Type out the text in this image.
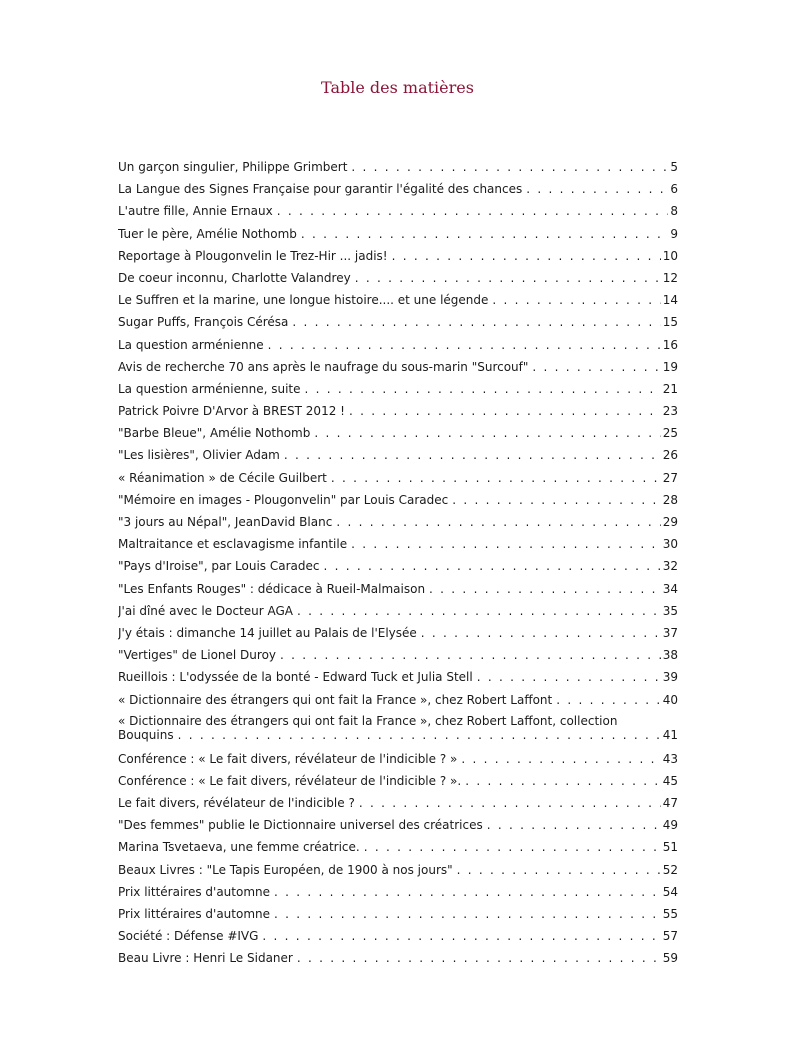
Table des matières
Un garçon singulier, Philippe Grimbert . . .	5
La Langue des Signes Française pour garantir l'égalité des chances . . .	6
L'autre fille, Annie Ernaux . . .	8
Tuer le père, Amélie Nothomb . . .	9
Reportage à Plougonvelin le Trez-Hir ... jadis! . . .	10
De coeur inconnu, Charlotte Valandrey . . .	12
Le Suffren et la marine, une longue histoire.... et une légende . . .	14
Sugar Puffs, François Cérésa . . .	15
La question arménienne . . .	16
Avis de recherche 70 ans après le naufrage du sous-marin "Surcouf" . . .	19
La question arménienne, suite . . .	21
Patrick Poivre D'Arvor à BREST 2012 ! . . .	23
"Barbe Bleue", Amélie Nothomb . . .	25
"Les lisières", Olivier Adam . . .	26
« Réanimation » de Cécile Guilbert . . .	27
"Mémoire en images - Plougonvelin" par Louis Caradec . . .	28
"3 jours au Népal", JeanDavid Blanc . . .	29
Maltraitance et esclavagisme infantile . . .	30
"Pays d'Iroise", par Louis Caradec . . .	32
"Les Enfants Rouges" : dédicace à Rueil-Malmaison . . .	34
J'ai dîné avec le Docteur AGA . . .	35
J'y étais : dimanche 14 juillet au Palais de l'Elysée . . .	37
"Vertiges" de Lionel Duroy . . .	38
Rueillois : L'odyssée de la bonté - Edward Tuck et Julia Stell . . .	39
« Dictionnaire des étrangers qui ont fait la France », chez Robert Laffont . . .	40
« Dictionnaire des étrangers qui ont fait la France », chez Robert Laffont, collection
Bouquins . . .	41
Conférence : « Le fait divers, révélateur de l'indicible ? » . . .	43
Conférence : « Le fait divers, révélateur de l'indicible ? ». . . .	45
Le fait divers, révélateur de l'indicible ? . . .	47
"Des femmes" publie le Dictionnaire universel des créatrices . . .	49
Marina Tsvetaeva, une femme créatrice. . . .	51
Beaux Livres : "Le Tapis Européen, de 1900 à nos jours" . . .	52
Prix littéraires d'automne . . .	54
Prix littéraires d'automne . . .	55
Société : Défense #IVG . . .	57
Beau Livre : Henri Le Sidaner . . .	59
